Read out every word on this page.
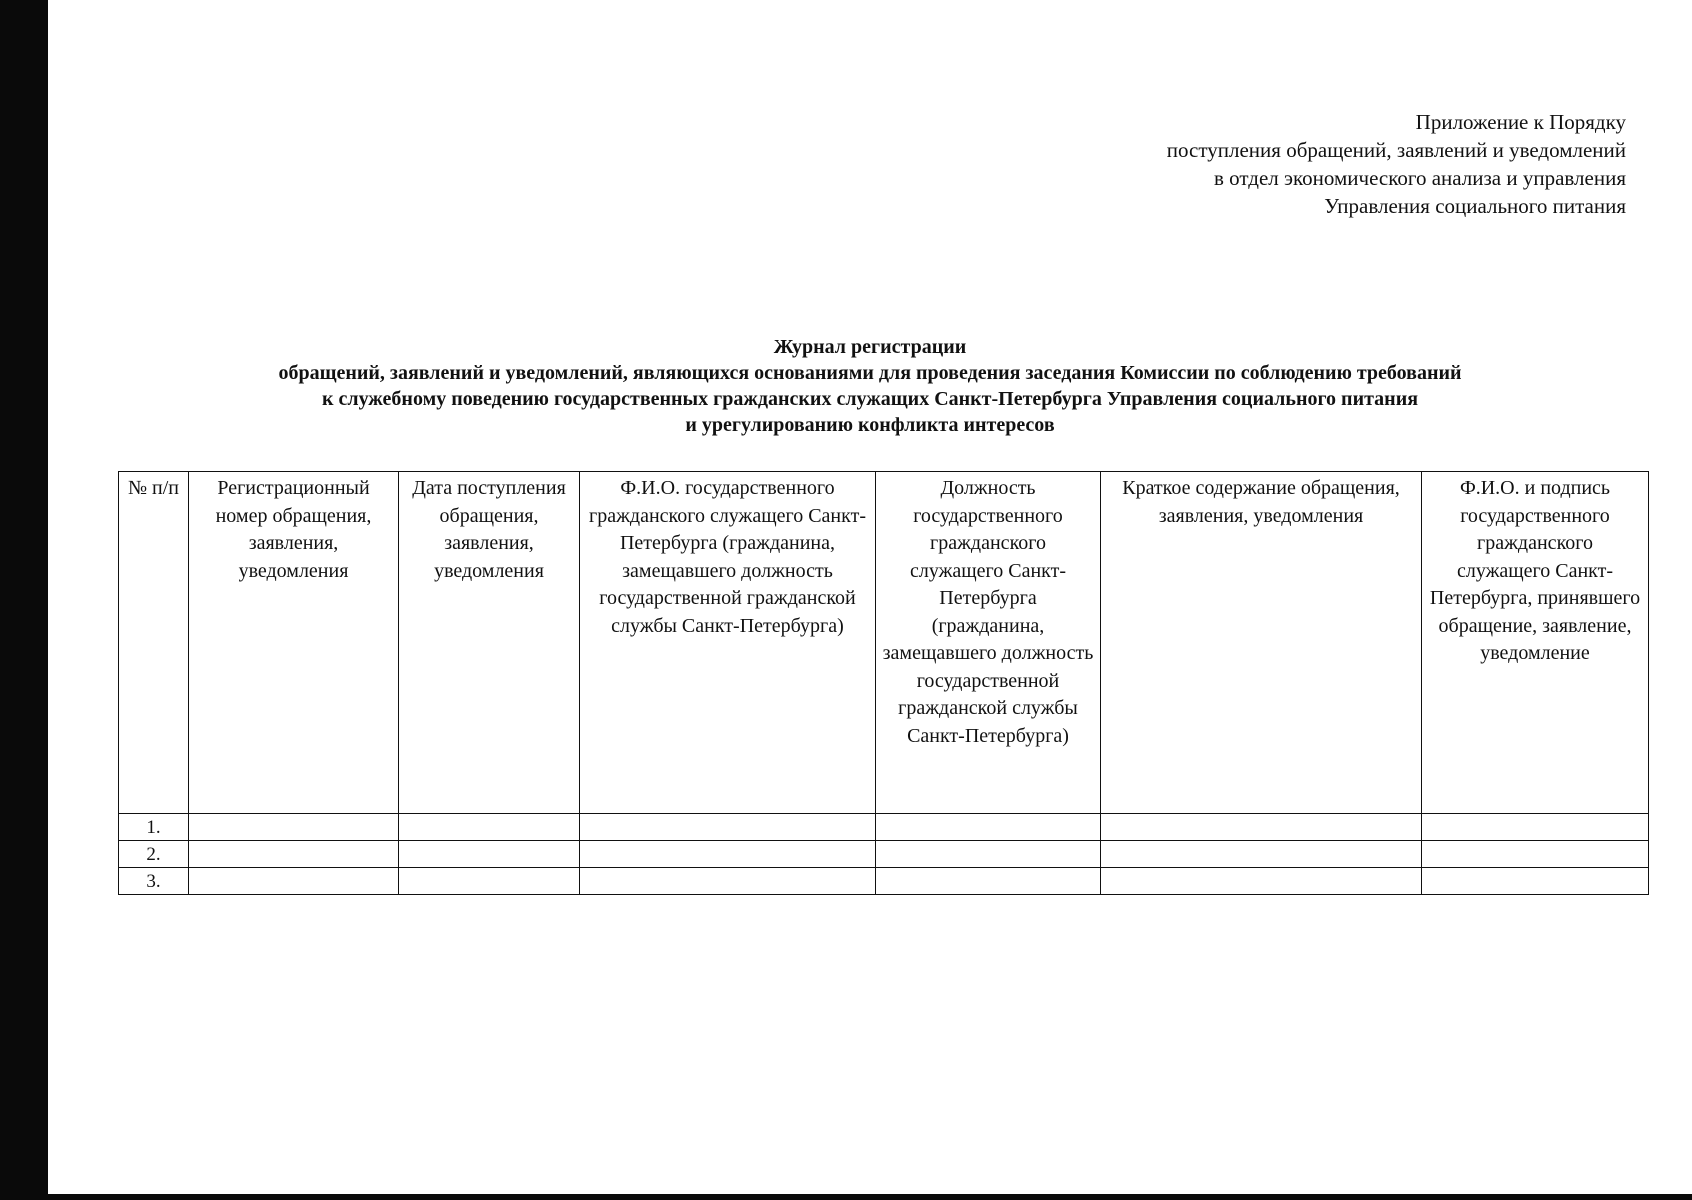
Приложение к Порядку
поступления обращений, заявлений и уведомлений
в отдел экономического анализа и управления
Управления социального питания
Журнал регистрации
обращений, заявлений и уведомлений, являющихся основаниями для проведения заседания Комиссии по соблюдению требований
к служебному поведению государственных гражданских служащих Санкт-Петербурга Управления социального питания
и урегулированию конфликта интересов
№ п/п	Регистрационный номер обращения, заявления, уведомления	Дата поступления обращения, заявления, уведомления	Ф.И.О. государственного гражданского служащего Санкт-Петербурга (гражданина, замещавшего должность государственной гражданской службы Санкт-Петербурга)	Должность государственного гражданского служащего Санкт-Петербурга (гражданина, замещавшего должность государственной гражданской службы Санкт-Петербурга)	Краткое содержание обращения, заявления, уведомления	Ф.И.О. и подпись государственного гражданского служащего Санкт-Петербурга, принявшего обращение, заявление, уведомление
1.						
2.						
3.						
